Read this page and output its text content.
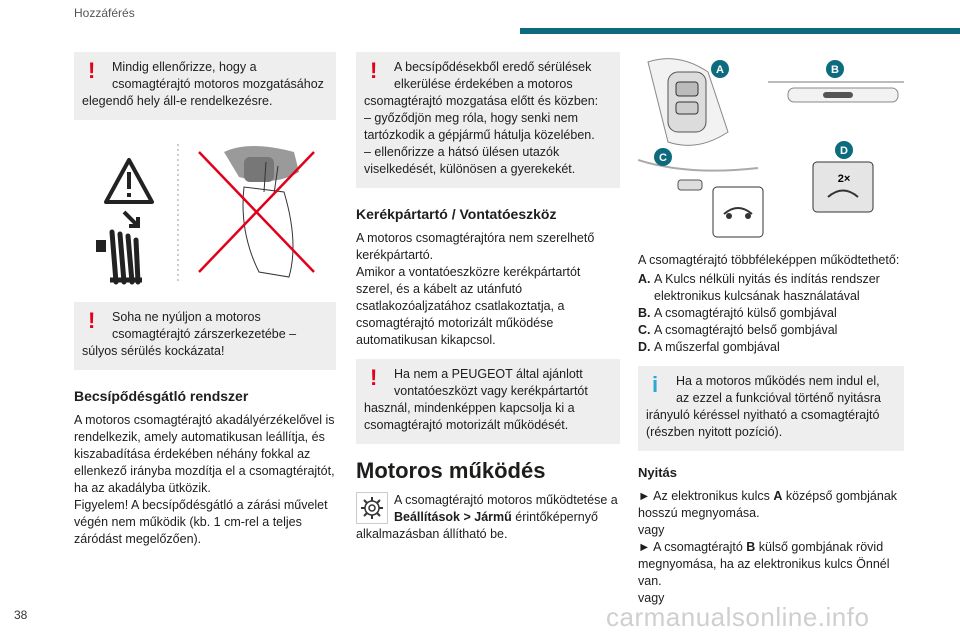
Hozzáférés
!	Mindig ellenőrizze, hogy a csomagtérajtó motoros mozgatásához elegendő hely áll-e rendelkezésre.
!	Soha ne nyúljon a motoros csomagtérajtó zárszerkezetébe – súlyos sérülés kockázata!
Becsípődésgátló rendszer

A motoros csomagtérajtó akadályérzékelővel is rendelkezik, amely automatikusan leállítja, és kiszabadítása érdekében néhány fokkal az ellenkező irányba mozdítja el a csomagtérajtót, ha az akadályba ütközik.

Figyelem! A becsípődésgátló a zárási művelet végén nem működik (kb. 1 cm-rel a teljes záródást megelőzően).

!	A becsípődésekből eredő sérülések elkerülése érdekében a motoros csomagtérajtó mozgatása előtt és közben:
– győződjön meg róla, hogy senki nem tartózkodik a gépjármű hátulja közelében.
– ellenőrizze a hátsó ülésen utazók viselkedését, különösen a gyerekekét.
Kerékpártartó / Vontatóeszköz

A motoros csomagtérajtóra nem szerelhető kerékpártartó.

Amikor a vontatóeszközre kerékpártartót szerel, és a kábelt az utánfutó csatlakozóaljzatához csatlakoztatja, a csomagtérajtó motorizált működése automatikusan kikapcsol.

!	Ha nem a PEUGEOT által ajánlott vontatóeszközt vagy kerékpártartót használ, mindenképpen kapcsolja ki a csomagtérajtó motorizált működését.
Motoros működés
A csomagtérajtó motoros működtetése a Beállítások > Jármű érintőképernyő alkalmazásban állítható be.
2×
A	B
C
D

A csomagtérajtó többféleképpen működtethető:

A. A Kulcs nélküli nyitás és indítás rendszer elektronikus kulcsának használatával
B. A csomagtérajtó külső gombjával
C. A csomagtérajtó belső gombjával
D. A műszerfal gombjával
i	Ha a motoros működés nem indul el, az ezzel a funkcióval történő nyitásra irányuló kéréssel nyitható a csomagtérajtó (részben nyitott pozíció).
Nyitás

► Az elektronikus kulcs A középső gombjának hosszú megnyomása.

vagy

► A csomagtérajtó B külső gombjának rövid megnyomása, ha az elektronikus kulcs Önnél van.

vagy

38	carmanualsonline.info
